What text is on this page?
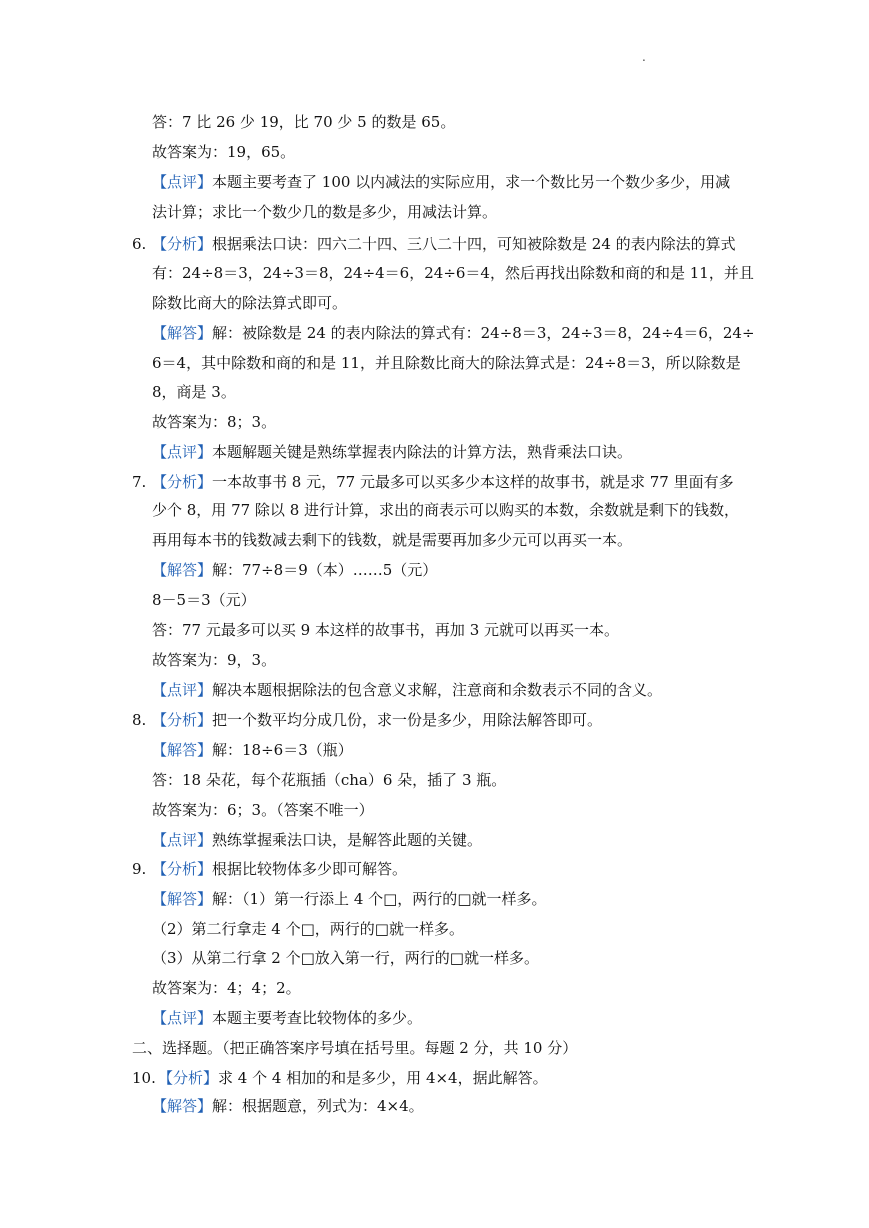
.
答：7 比 26 少 19，比 70 少 5 的数是 65。
故答案为：19，65。
【点评】本题主要考查了 100 以内减法的实际应用，求一个数比另一个数少多少，用减
法计算；求比一个数少几的数是多少，用减法计算。
6. 【分析】根据乘法口诀：四六二十四、三八二十四，可知被除数是 24 的表内除法的算式
有：24÷8＝3，24÷3＝8，24÷4＝6，24÷6＝4，然后再找出除数和商的和是 11，并且
除数比商大的除法算式即可。
【解答】解：被除数是 24 的表内除法的算式有：24÷8＝3，24÷3＝8，24÷4＝6，24÷
6＝4，其中除数和商的和是 11，并且除数比商大的除法算式是：24÷8＝3，所以除数是
8，商是 3。
故答案为：8；3。
【点评】本题解题关键是熟练掌握表内除法的计算方法，熟背乘法口诀。
7. 【分析】一本故事书 8 元，77 元最多可以买多少本这样的故事书，就是求 77 里面有多
少个 8，用 77 除以 8 进行计算，求出的商表示可以购买的本数，余数就是剩下的钱数，
再用每本书的钱数减去剩下的钱数，就是需要再加多少元可以再买一本。
【解答】解：77÷8＝9（本）……5（元）
8－5＝3（元）
答：77 元最多可以买 9 本这样的故事书，再加 3 元就可以再买一本。
故答案为：9，3。
【点评】解决本题根据除法的包含意义求解，注意商和余数表示不同的含义。
8. 【分析】把一个数平均分成几份，求一份是多少，用除法解答即可。
【解答】解：18÷6＝3（瓶）
答：18 朵花，每个花瓶插（cha）6 朵，插了 3 瓶。
故答案为：6；3。（答案不唯一）
【点评】熟练掌握乘法口诀，是解答此题的关键。
9. 【分析】根据比较物体多少即可解答。
【解答】解：（1）第一行添上 4 个□，两行的□就一样多。
（2）第二行拿走 4 个□，两行的□就一样多。
（3）从第二行拿 2 个□放入第一行，两行的□就一样多。
故答案为：4；4；2。
【点评】本题主要考查比较物体的多少。
二、选择题。（把正确答案序号填在括号里。每题 2 分，共 10 分）
10. 【分析】求 4 个 4 相加的和是多少，用 4×4，据此解答。
【解答】解：根据题意，列式为：4×4。
